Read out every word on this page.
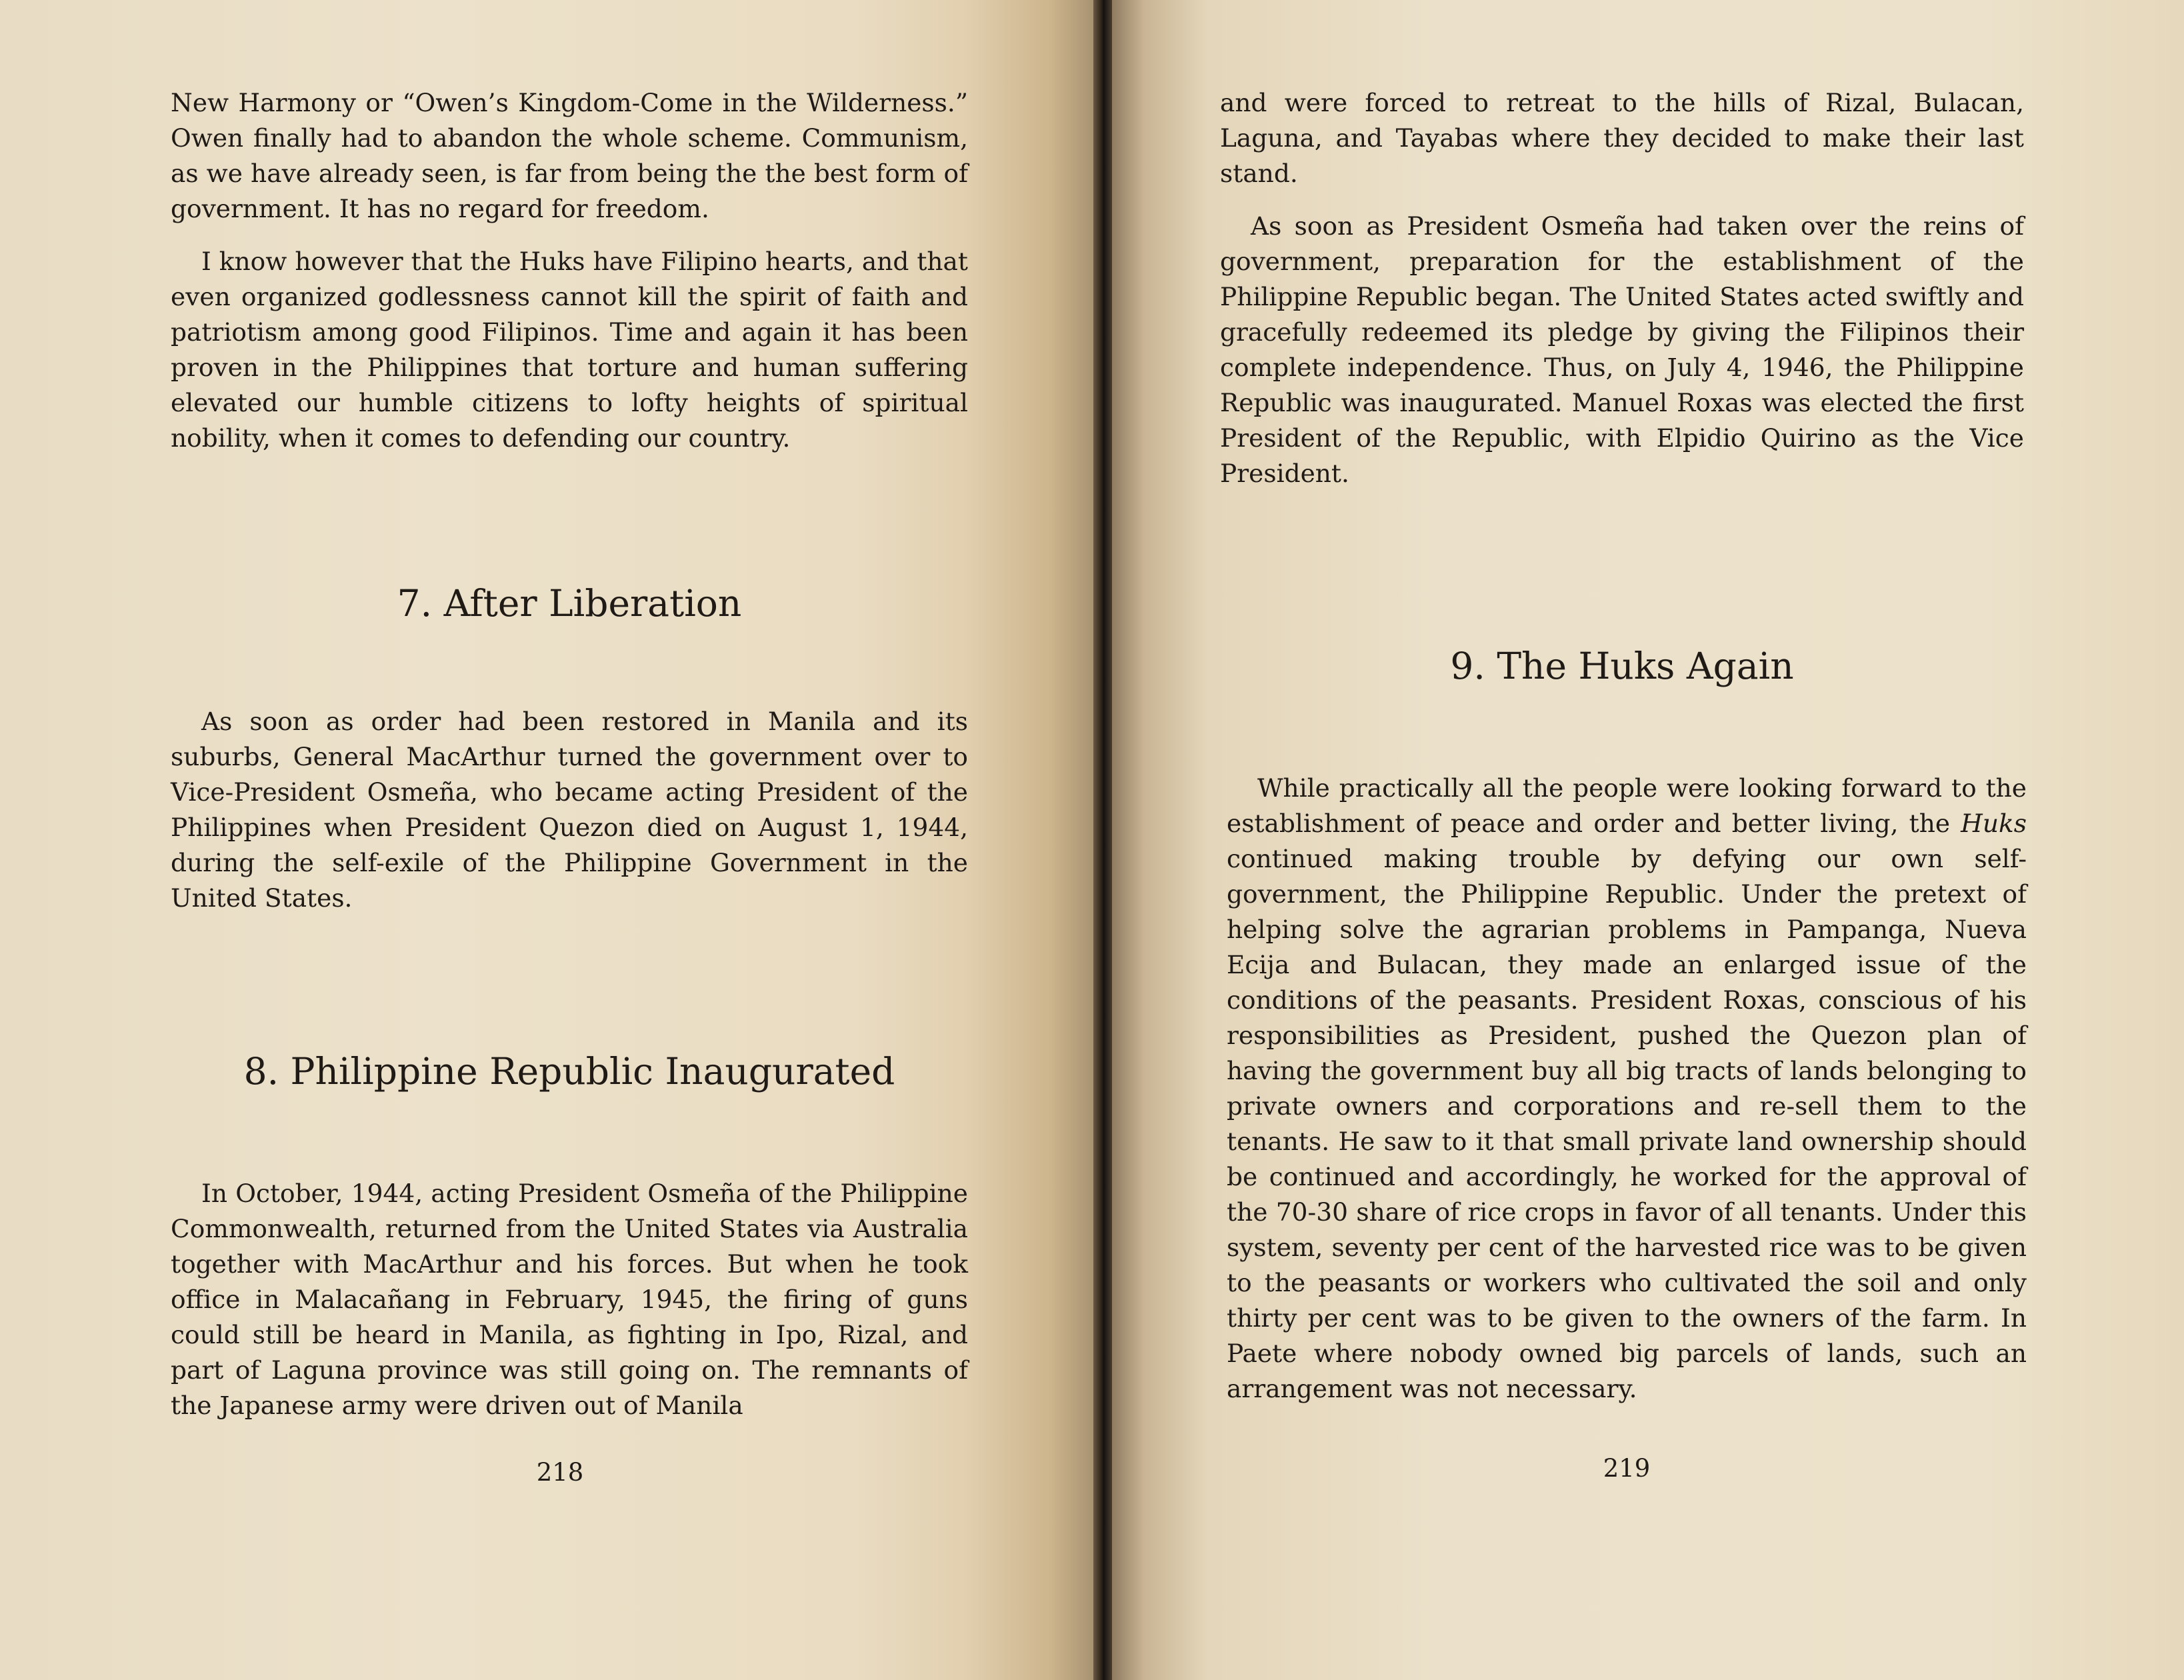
New Harmony or “Owen’s Kingdom-Come in the Wilderness.” Owen finally had to abandon the whole scheme. Communism, as we have already seen, is far from being the the best form of government. It has no regard for freedom.

I know however that the Huks have Filipino hearts, and that even organized godlessness cannot kill the spirit of faith and patriotism among good Filipinos. Time and again it has been proven in the Philippines that torture and human suffering elevated our humble citizens to lofty heights of spiritual nobility, when it comes to defending our country.

7. After Liberation

As soon as order had been restored in Manila and its suburbs, General MacArthur turned the government over to Vice-President Osmeña, who became acting President of the Philippines when President Quezon died on August 1, 1944, during the self-exile of the Philippine Government in the United States.

8. Philippine Republic Inaugurated

In October, 1944, acting President Osmeña of the Philippine Commonwealth, returned from the United States via Australia together with MacArthur and his forces. But when he took office in Malacañang in February, 1945, the firing of guns could still be heard in Manila, as fighting in Ipo, Rizal, and part of Laguna province was still going on. The remnants of the Japanese army were driven out of Manila

218

and were forced to retreat to the hills of Rizal, Bulacan, Laguna, and Tayabas where they decided to make their last stand.

As soon as President Osmeña had taken over the reins of government, preparation for the establishment of the Philippine Republic began. The United States acted swiftly and gracefully redeemed its pledge by giving the Filipinos their complete independence. Thus, on July 4, 1946, the Philippine Republic was inaugurated. Manuel Roxas was elected the first President of the Republic, with Elpidio Quirino as the Vice President.

9. The Huks Again

While practically all the people were looking forward to the establishment of peace and order and better living, the Huks continued making trouble by defying our own self-government, the Philippine Republic. Under the pretext of helping solve the agrarian problems in Pampanga, Nueva Ecija and Bulacan, they made an enlarged issue of the conditions of the peasants. President Roxas, conscious of his responsibilities as President, pushed the Quezon plan of having the government buy all big tracts of lands belonging to private owners and corporations and re-sell them to the tenants. He saw to it that small private land ownership should be continued and accordingly, he worked for the approval of the 70-30 share of rice crops in favor of all tenants. Under this system, seventy per cent of the harvested rice was to be given to the peasants or workers who cultivated the soil and only thirty per cent was to be given to the owners of the farm. In Paete where nobody owned big parcels of lands, such an arrangement was not necessary.

219
